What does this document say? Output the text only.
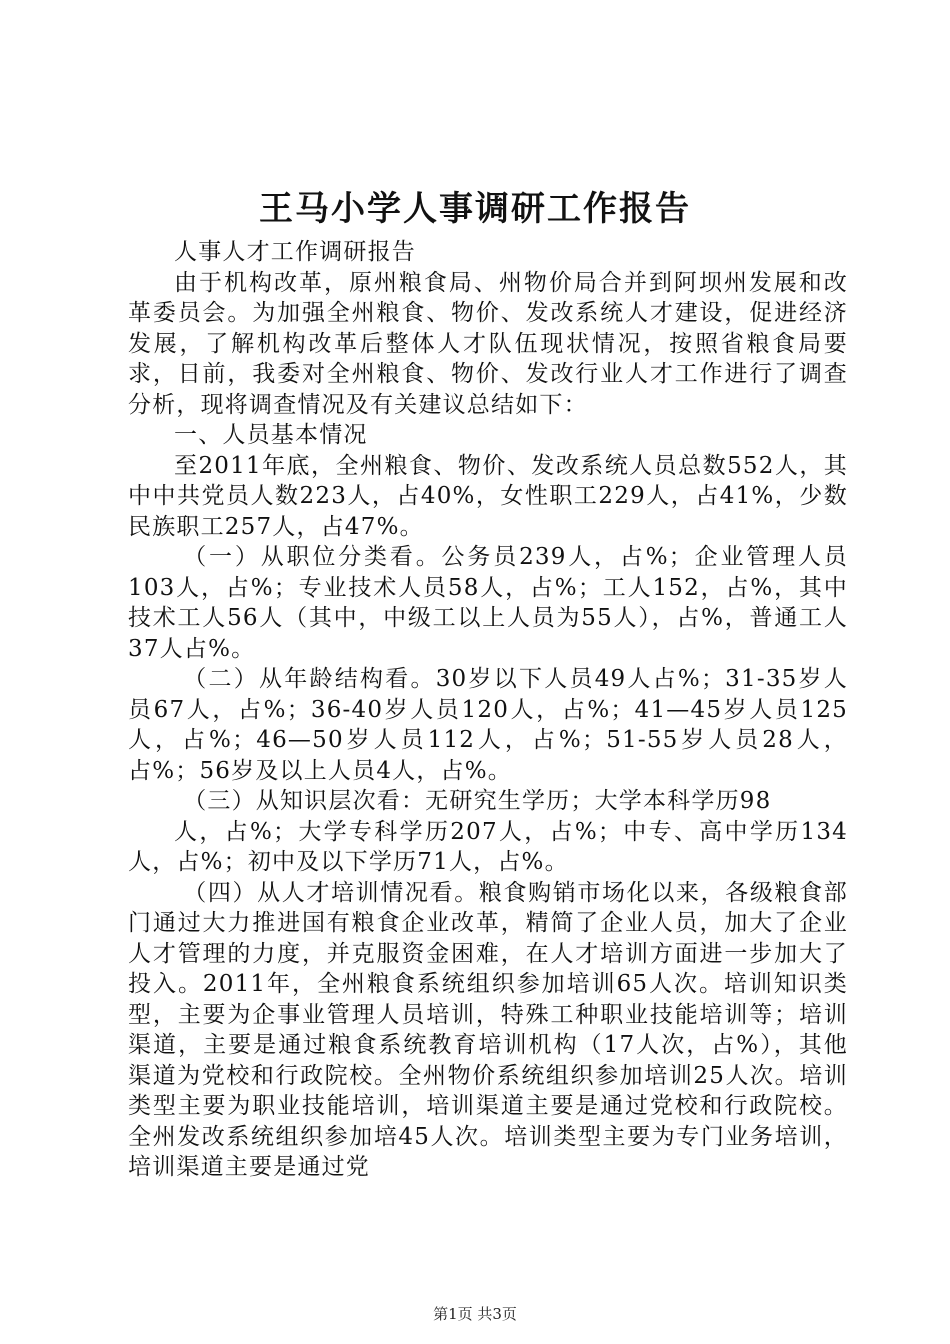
王马小学人事调研工作报告

人事人才工作调研报告

由于机构改革，原州粮食局、州物价局合并到阿坝州发展和改革委员会。为加强全州粮食、物价、发改系统人才建设，促进经济发展，了解机构改革后整体人才队伍现状情况，按照省粮食局要求，日前，我委对全州粮食、物价、发改行业人才工作进行了调查分析，现将调查情况及有关建议总结如下：

一、人员基本情况

至2011年底，全州粮食、物价、发改系统人员总数552人，其中中共党员人数223人，占40%，女性职工229人，占41%，少数民族职工257人，占47%。

（一）从职位分类看。公务员239人，占%；企业管理人员103人，占%；专业技术人员58人，占%；工人152，占%，其中技术工人56人（其中，中级工以上人员为55人），占%，普通工人37人占%。

（二）从年龄结构看。30岁以下人员49人占%；31-35岁人员67人，占%；36-40岁人员120人，占%；41—45岁人员125人，占%；46—50岁人员112人，占%；51-55岁人员28人，占%；56岁及以上人员4人，占%。

（三）从知识层次看：无研究生学历；大学本科学历98
人，占%；大学专科学历207人，占%；中专、高中学历134人，占%；初中及以下学历71人，占%。

（四）从人才培训情况看。粮食购销市场化以来，各级粮食部门通过大力推进国有粮食企业改革，精简了企业人员，加大了企业人才管理的力度，并克服资金困难，在人才培训方面进一步加大了投入。2011年，全州粮食系统组织参加培训65人次。培训知识类型，主要为企事业管理人员培训，特殊工种职业技能培训等；培训渠道，主要是通过粮食系统教育培训机构（17人次，占%），其他渠道为党校和行政院校。全州物价系统组织参加培训25人次。培训类型主要为职业技能培训，培训渠道主要是通过党校和行政院校。全州发改系统组织参加培45人次。培训类型主要为专门业务培训，培训渠道主要是通过党

第1页 共3页
